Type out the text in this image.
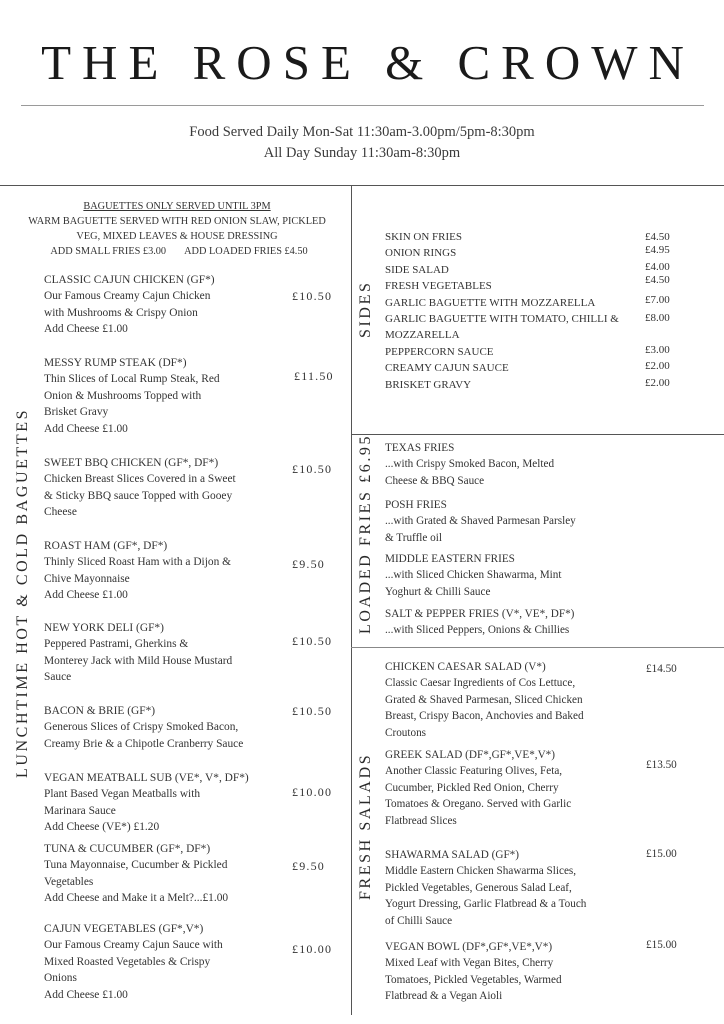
THE ROSE & CROWN
Food Served Daily Mon-Sat 11:30am-3.00pm/5pm-8:30pm
All Day Sunday 11:30am-8:30pm
LUNCHTIME HOT & COLD BAGUETTES
BAGUETTES ONLY SERVED UNTIL 3PM
WARM BAGUETTE SERVED WITH RED ONION SLAW, PICKLED
VEG, MIXED LEAVES & HOUSE DRESSING
ADD SMALL FRIES £3.00 ADD LOADED FRIES £4.50
CLASSIC CAJUN CHICKEN (GF*)
Our Famous Creamy Cajun Chicken
with Mushrooms & Crispy Onion
Add Cheese £1.00
£10.50
MESSY RUMP STEAK (DF*)
Thin Slices of Local Rump Steak, Red
Onion & Mushrooms Topped with
Brisket Gravy
Add Cheese £1.00
£11.50
SWEET BBQ CHICKEN (GF*, DF*)
Chicken Breast Slices Covered in a Sweet
& Sticky BBQ sauce Topped with Gooey
Cheese
£10.50
ROAST HAM (GF*, DF*)
Thinly Sliced Roast Ham with a Dijon &
Chive Mayonnaise
Add Cheese £1.00
£9.50
NEW YORK DELI (GF*)
Peppered Pastrami, Gherkins &
Monterey Jack with Mild House Mustard
Sauce
£10.50
BACON & BRIE (GF*)
Generous Slices of Crispy Smoked Bacon,
Creamy Brie & a Chipotle Cranberry Sauce
£10.50
VEGAN MEATBALL SUB (VE*, V*, DF*)
Plant Based Vegan Meatballs with
Marinara Sauce
Add Cheese (VE*) £1.20
£10.00
TUNA & CUCUMBER (GF*, DF*)
Tuna Mayonnaise, Cucumber & Pickled
Vegetables
Add Cheese and Make it a Melt?...£1.00
£9.50
CAJUN VEGETABLES (GF*,V*)
Our Famous Creamy Cajun Sauce with
Mixed Roasted Vegetables & Crispy
Onions
Add Cheese £1.00
£10.00
SIDES
SKIN ON FRIES	£4.50
ONION RINGS	£4.95
SIDE SALAD	£4.00
FRESH VEGETABLES	£4.50
GARLIC BAGUETTE WITH MOZZARELLA	£7.00
GARLIC BAGUETTE WITH TOMATO, CHILLI & £8.00
MOZZARELLA
PEPPERCORN SAUCE	£3.00
CREAMY CAJUN SAUCE	£2.00
BRISKET GRAVY	£2.00
LOADED FRIES £6.95 TEXAS FRIES
...with Crispy Smoked Bacon, Melted
Cheese & BBQ Sauce
POSH FRIES
...with Grated & Shaved Parmesan Parsley
& Truffle oil
MIDDLE EASTERN FRIES
...with Sliced Chicken Shawarma, Mint
Yoghurt & Chilli Sauce
SALT & PEPPER FRIES (V*, VE*, DF*)
...with Sliced Peppers, Onions & Chillies
FRESH SALADS
CHICKEN CAESAR SALAD (V*)
Classic Caesar Ingredients of Cos Lettuce,
Grated & Shaved Parmesan, Sliced Chicken
Breast, Crispy Bacon, Anchovies and Baked
Croutons
£14.50
GREEK SALAD (DF*,GF*,VE*,V*)
Another Classic Featuring Olives, Feta,
Cucumber, Pickled Red Onion, Cherry
Tomatoes & Oregano. Served with Garlic
Flatbread Slices
£13.50
SHAWARMA SALAD (GF*)
Middle Eastern Chicken Shawarma Slices,
Pickled Vegetables, Generous Salad Leaf,
Yogurt Dressing, Garlic Flatbread & a Touch
of Chilli Sauce
£15.00
VEGAN BOWL (DF*,GF*,VE*,V*)
Mixed Leaf with Vegan Bites, Cherry
Tomatoes, Pickled Vegetables, Warmed
Flatbread & a Vegan Aioli
£15.00
